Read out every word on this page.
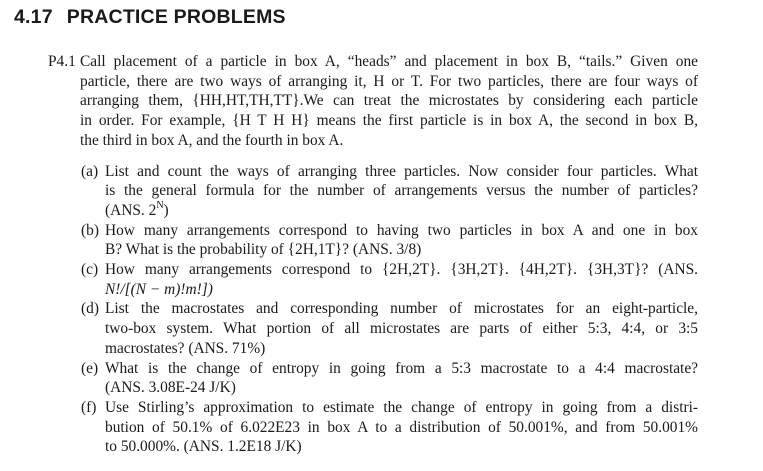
4.17 PRACTICE PROBLEMS
P4.1 Call placement of a particle in box A, “heads” and placement in box B, “tails.” Given one
particle, there are two ways of arranging it, H or T. For two particles, there are four ways of
arranging them, {HH,HT,TH,TT}.We can treat the microstates by considering each particle
in order. For example, {H T H H} means the first particle is in box A, the second in box B,
the third in box A, and the fourth in box A.
(a) List and count the ways of arranging three particles. Now consider four particles. What
is the general formula for the number of arrangements versus the number of particles?
(ANS. $2^N$)
(b) How many arrangements correspond to having two particles in box A and one in box
B? What is the probability of {2H,1T}? (ANS. 3/8)
(c) How many arrangements correspond to {2H,2T}. {3H,2T}. {4H,2T}. {3H,3T}? (ANS.
N!/[(N − m)!m!])
(d) List the macrostates and corresponding number of microstates for an eight-particle,
two-box system. What portion of all microstates are parts of either 5:3, 4:4, or 3:5
macrostates? (ANS. 71%)
(e) What is the change of entropy in going from a 5:3 macrostate to a 4:4 macrostate?
(ANS. 3.08E-24 J/K)
(f) Use Stirling’s approximation to estimate the change of entropy in going from a distri-
bution of 50.1% of 6.022E23 in box A to a distribution of 50.001%, and from 50.001%
to 50.000%. (ANS. 1.2E18 J/K)
